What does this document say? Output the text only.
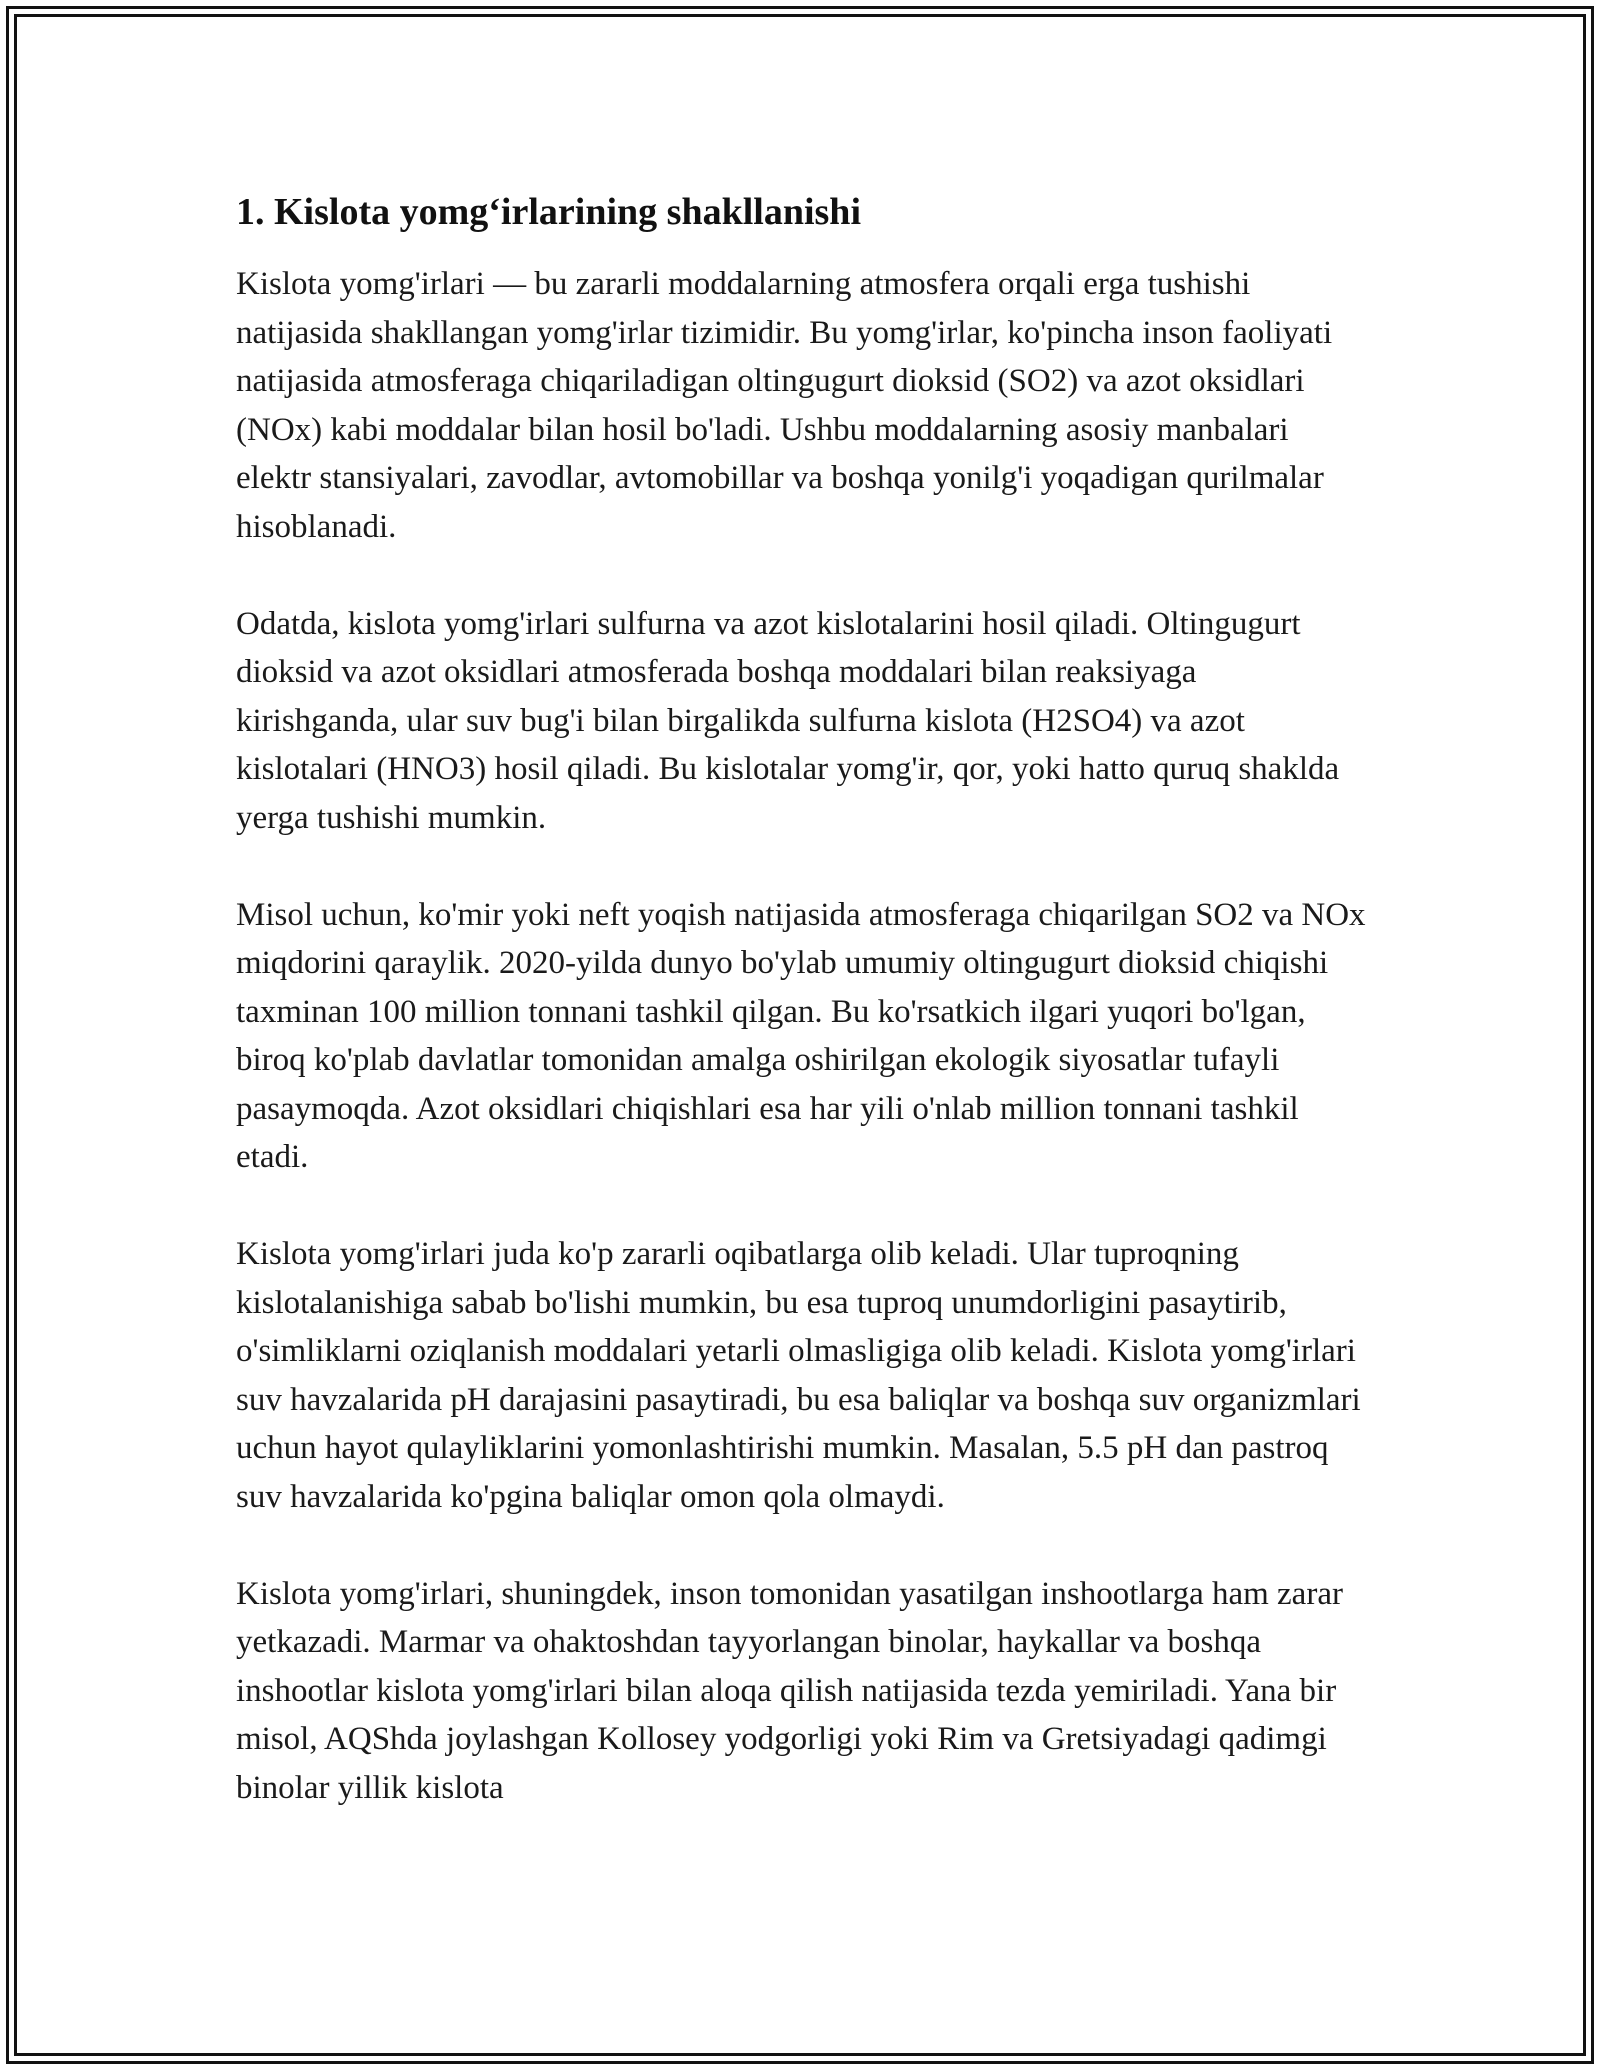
1. Kislota yomg‘irlarining shakllanishi

Kislota yomg'irlari — bu zararli moddalarning atmosfera orqali erga tushishi natijasida shakllangan yomg'irlar tizimidir. Bu yomg'irlar, ko'pincha inson faoliyati natijasida atmosferaga chiqariladigan oltingugurt dioksid (SO2) va azot oksidlari (NOx) kabi moddalar bilan hosil bo'ladi. Ushbu moddalarning asosiy manbalari elektr stansiyalari, zavodlar, avtomobillar va boshqa yonilg'i yoqadigan qurilmalar hisoblanadi.

Odatda, kislota yomg'irlari sulfurna va azot kislotalarini hosil qiladi. Oltingugurt dioksid va azot oksidlari atmosferada boshqa moddalari bilan reaksiyaga kirishganda, ular suv bug'i bilan birgalikda sulfurna kislota (H2SO4) va azot kislotalari (HNO3) hosil qiladi. Bu kislotalar yomg'ir, qor, yoki hatto quruq shaklda yerga tushishi mumkin.

Misol uchun, ko'mir yoki neft yoqish natijasida atmosferaga chiqarilgan SO2 va NOx miqdorini qaraylik. 2020-yilda dunyo bo'ylab umumiy oltingugurt dioksid chiqishi taxminan 100 million tonnani tashkil qilgan. Bu ko'rsatkich ilgari yuqori bo'lgan, biroq ko'plab davlatlar tomonidan amalga oshirilgan ekologik siyosatlar tufayli pasaymoqda. Azot oksidlari chiqishlari esa har yili o'nlab million tonnani tashkil etadi.

Kislota yomg'irlari juda ko'p zararli oqibatlarga olib keladi. Ular tuproqning kislotalanishiga sabab bo'lishi mumkin, bu esa tuproq unumdorligini pasaytirib, o'simliklarni oziqlanish moddalari yetarli olmasligiga olib keladi. Kislota yomg'irlari suv havzalarida pH darajasini pasaytiradi, bu esa baliqlar va boshqa suv organizmlari uchun hayot qulayliklarini yomonlashtirishi mumkin. Masalan, 5.5 pH dan pastroq suv havzalarida ko'pgina baliqlar omon qola olmaydi.

Kislota yomg'irlari, shuningdek, inson tomonidan yasatilgan inshootlarga ham zarar yetkazadi. Marmar va ohaktoshdan tayyorlangan binolar, haykallar va boshqa inshootlar kislota yomg'irlari bilan aloqa qilish natijasida tezda yemiriladi. Yana bir misol, AQShda joylashgan Kollosey yodgorligi yoki Rim va Gretsiyadagi qadimgi binolar yillik kislota
